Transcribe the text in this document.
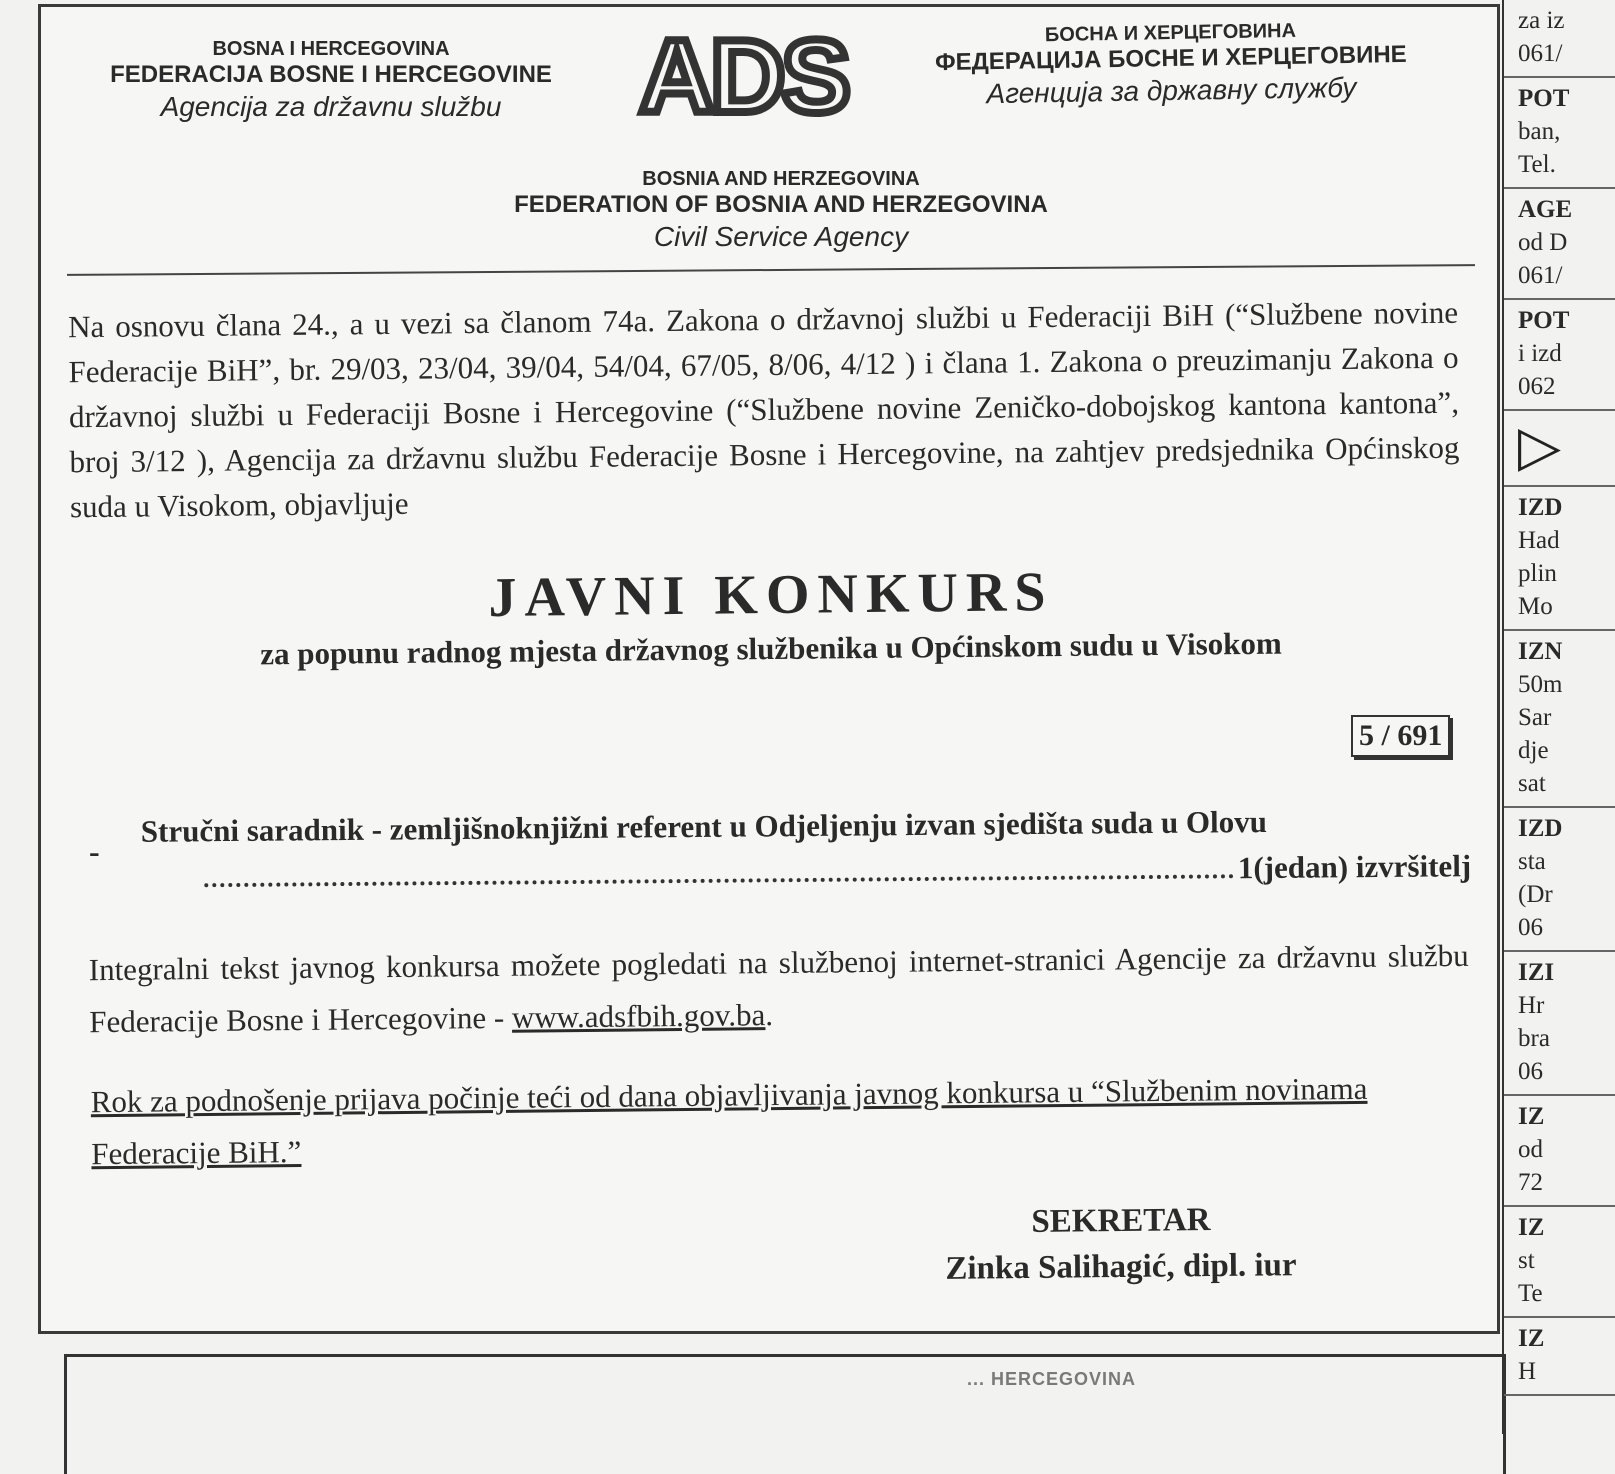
BOSNA I HERCEGOVINA
FEDERACIJA BOSNE I HERCEGOVINE
Agencija za državnu službu	ADS	БОСНА И ХЕРЦЕГОВИНА
ФЕДЕРАЦИЈА БОСНЕ И ХЕРЦЕГОВИНЕ
Агенција за државну службу
BOSNIA AND HERZEGOVINA
FEDERATION OF BOSNIA AND HERZEGOVINA
Civil Service Agency
Na osnovu člana 24., a u vezi sa članom 74a. Zakona o državnoj službi u Federaciji BiH (“Službene novine Federacije BiH”, br. 29/03, 23/04, 39/04, 54/04, 67/05, 8/06, 4/12 ) i člana 1. Zakona o preuzimanju Zakona o državnoj službi u Federaciji Bosne i Hercegovine (“Službene novine Zeničko-dobojskog kantona kantona”, broj 3/12 ), Agencija za državnu službu Federacije Bosne i Hercegovine, na zahtjev predsjednika Općinskog suda u Visokom, objavljuje
JAVNI KONKURS
za popunu radnog mjesta državnog službenika u Općinskom sudu u Visokom
5 / 691
-
Stručni saradnik - zemljišnoknjižni referent u Odjeljenju izvan sjedišta suda u Olovu
1(jedan) izvršitelj
Integralni tekst javnog konkursa možete pogledati na službenoj internet-stranici Agencije za državnu službu Federacije Bosne i Hercegovine - www.adsfbih.gov.ba.
Rok za podnošenje prijava počinje teći od dana objavljivanja javnog konkursa u “Službenim novinama Federacije BiH.”
SEKRETAR
Zinka Salihagić, dipl. iur
... HERCEGOVINA
za iz
061/
POT
ban,
Tel.
AGE
od D
061/
POT
i izd
062
▷
IZD
Had
plin
Mo
IZN
50m
Sar
dje
sat
IZD
sta
(Dr
06
IZI
Hr
bra
06
IZ
od
72
IZ
st
Te
IZ
H
